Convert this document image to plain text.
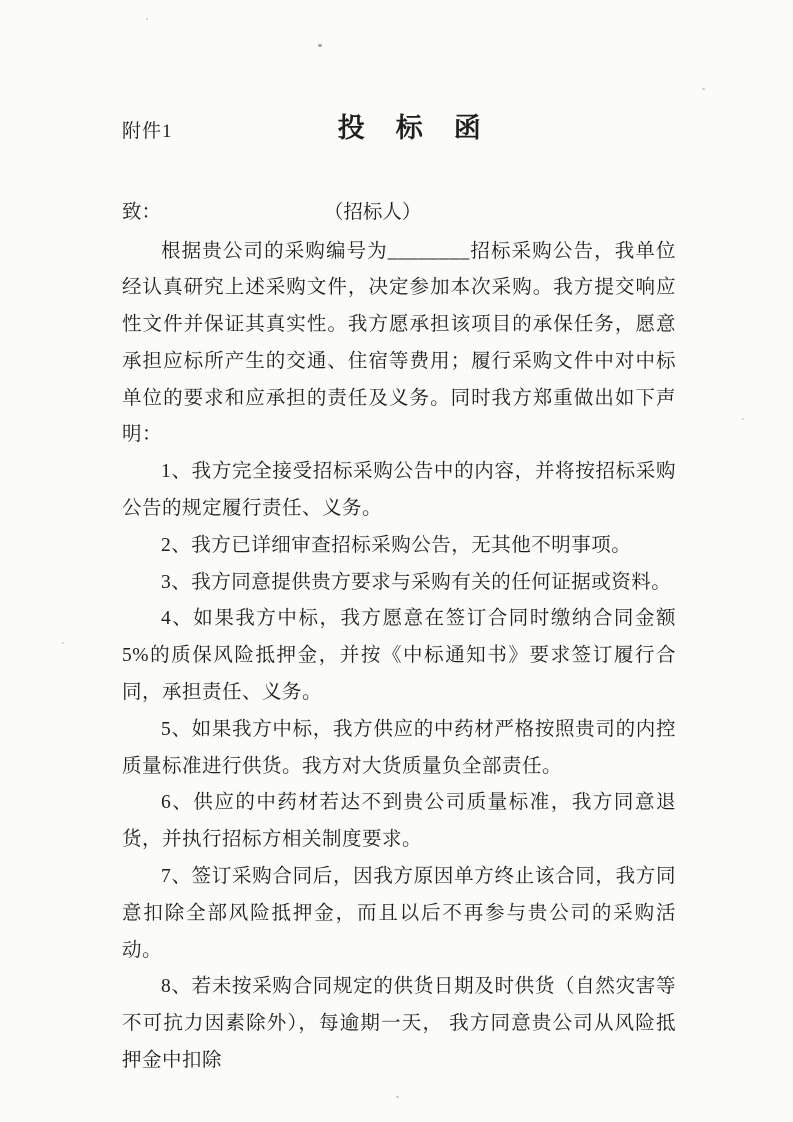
附件1	投　标　函
致：	（招标人）

根据贵公司的采购编号为________招标采购公告，我单位经认真研究上述采购文件，决定参加本次采购。我方提交响应性文件并保证其真实性。我方愿承担该项目的承保任务，愿意承担应标所产生的交通、住宿等费用；履行采购文件中对中标单位的要求和应承担的责任及义务。同时我方郑重做出如下声明：

1、我方完全接受招标采购公告中的内容，并将按招标采购公告的规定履行责任、义务。

2、我方已详细审查招标采购公告，无其他不明事项。

3、我方同意提供贵方要求与采购有关的任何证据或资料。

4、如果我方中标，我方愿意在签订合同时缴纳合同金额 5%的质保风险抵押金，并按《中标通知书》要求签订履行合同，承担责任、义务。

5、如果我方中标，我方供应的中药材严格按照贵司的内控质量标准进行供货。我方对大货质量负全部责任。

6、供应的中药材若达不到贵公司质量标准，我方同意退货，并执行招标方相关制度要求。

7、签订采购合同后，因我方原因单方终止该合同，我方同意扣除全部风险抵押金，而且以后不再参与贵公司的采购活动。

8、若未按采购合同规定的供货日期及时供货（自然灾害等不可抗力因素除外），每逾期一天， 我方同意贵公司从风险抵押金中扣除
